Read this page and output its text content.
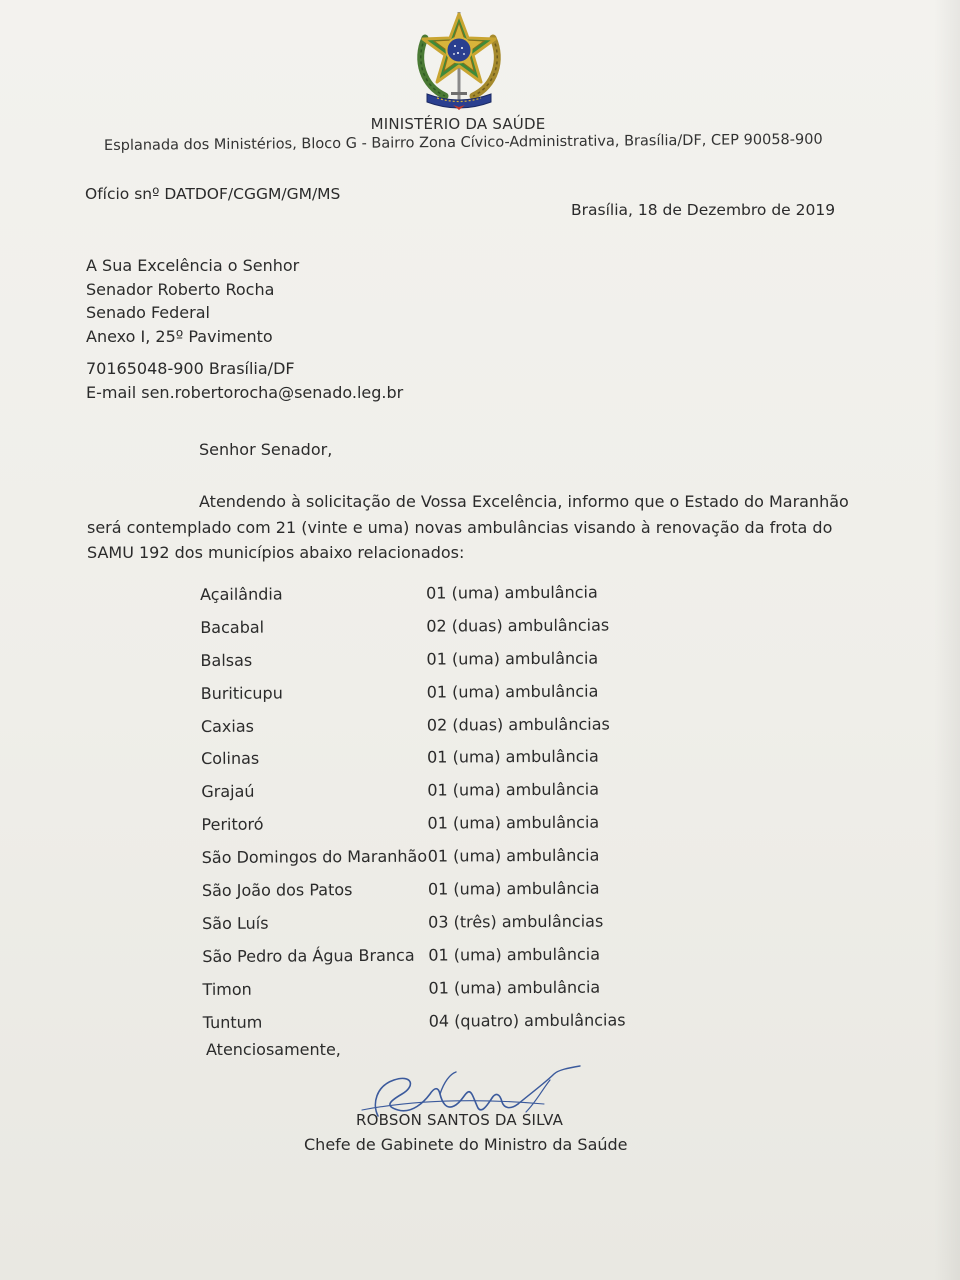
MINISTÉRIO DA SAÚDE

Esplanada dos Ministérios, Bloco G - Bairro Zona Cívico-Administrativa, Brasília/DF, CEP 90058-900

Ofício snº DATDOF/CGGM/GM/MS

Brasília, 18 de Dezembro de 2019

A Sua Excelência o Senhor
Senador Roberto Rocha
Senado Federal
Anexo I, 25º Pavimento
70165048-900 Brasília/DF
E-mail sen.robertorocha@senado.leg.br

Senhor Senador,

Atendendo à solicitação de Vossa Excelência, informo que o Estado do Maranhão
será contemplado com 21 (vinte e uma) novas ambulâncias visando à renovação da frota do
SAMU 192 dos municípios abaixo relacionados:
Açailândia	01 (uma) ambulância
Bacabal	02 (duas) ambulâncias
Balsas	01 (uma) ambulância
Buriticupu	01 (uma) ambulância
Caxias	02 (duas) ambulâncias
Colinas	01 (uma) ambulância
Grajaú	01 (uma) ambulância
Peritoró	01 (uma) ambulância
São Domingos do Maranhão	01 (uma) ambulância
São João dos Patos	01 (uma) ambulância
São Luís	03 (três) ambulâncias
São Pedro da Água Branca	01 (uma) ambulância
Timon	01 (uma) ambulância
Tuntum	04 (quatro) ambulâncias

Atenciosamente,

ROBSON SANTOS DA SILVA

Chefe de Gabinete do Ministro da Saúde
